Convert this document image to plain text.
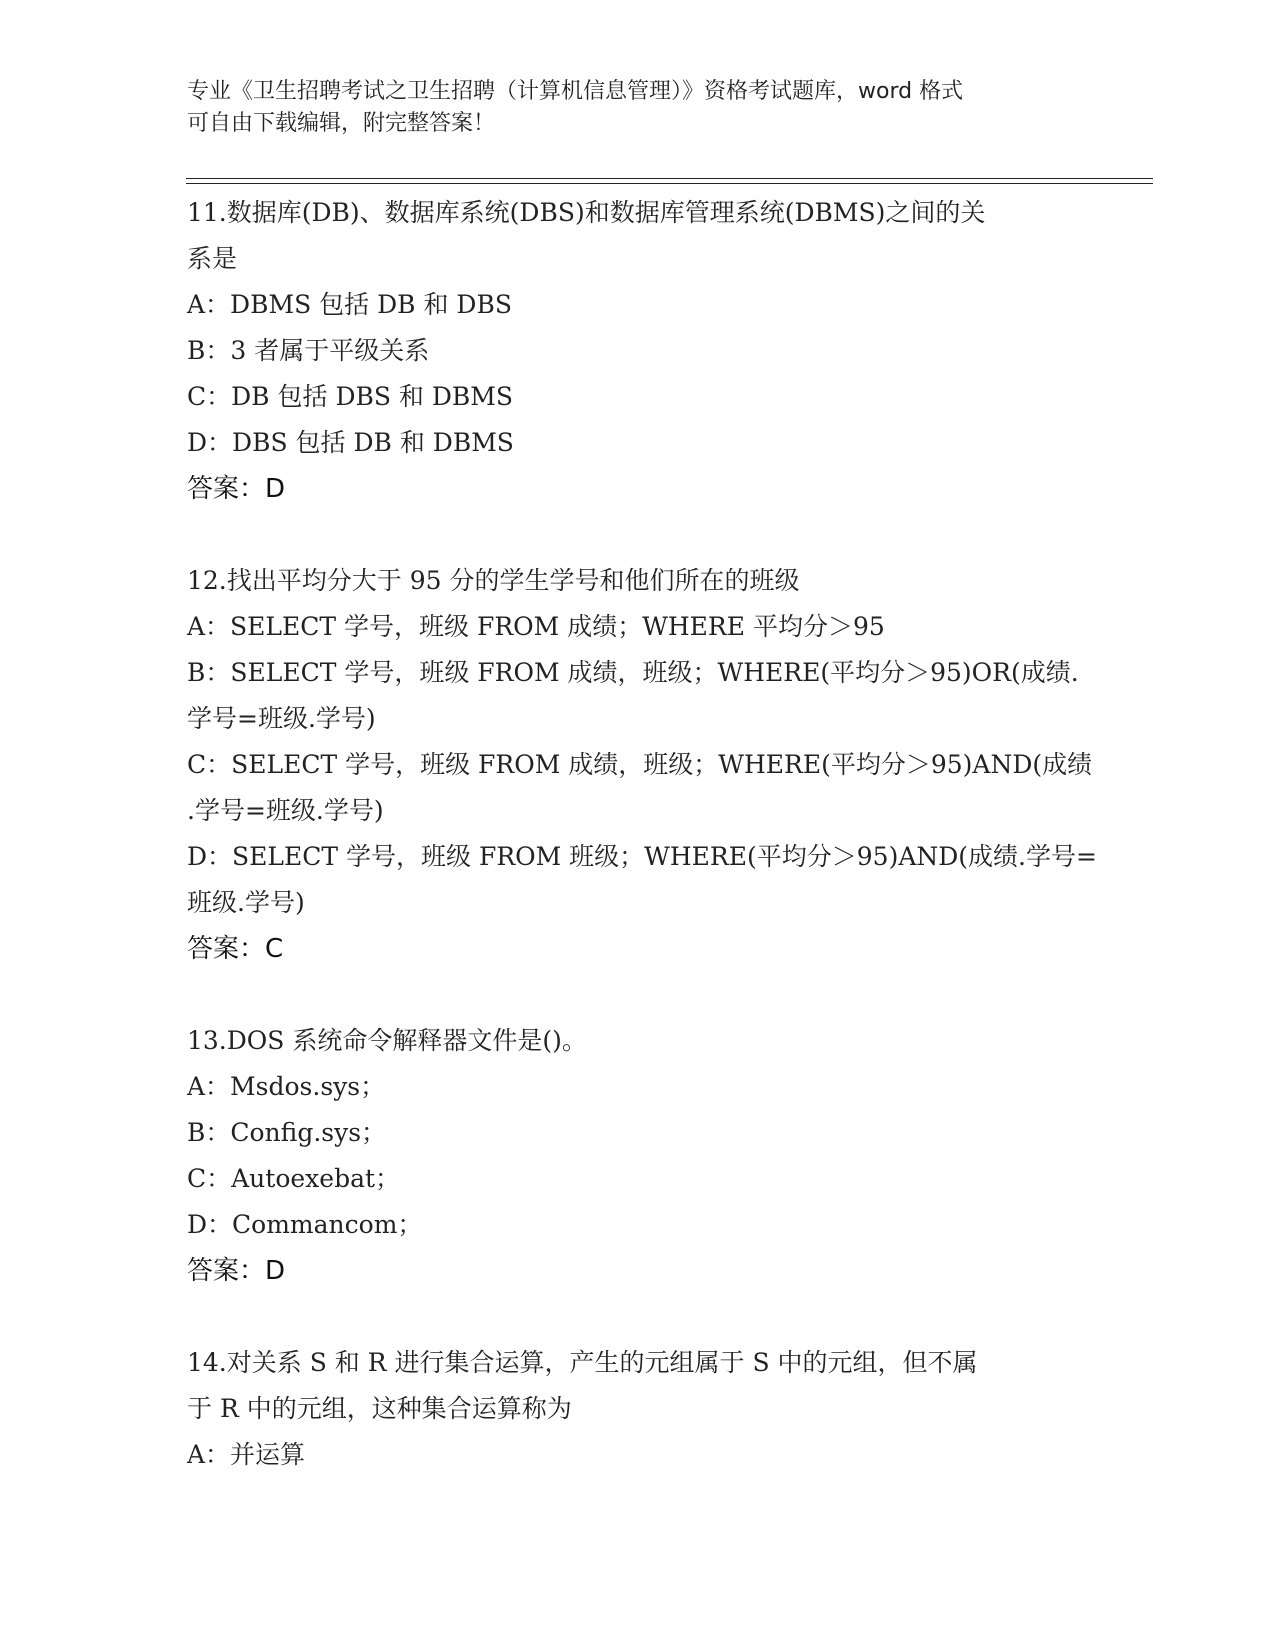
专业《卫生招聘考试之卫生招聘（计算机信息管理）》资格考试题库，word 格式
可自由下载编辑，附完整答案！
11.数据库(DB)、数据库系统(DBS)和数据库管理系统(DBMS)之间的关
系是
A：DBMS 包括 DB 和 DBS
B：3 者属于平级关系
C：DB 包括 DBS 和 DBMS
D：DBS 包括 DB 和 DBMS
答案：D
12.找出平均分大于 95 分的学生学号和他们所在的班级
A：SELECT 学号，班级 FROM 成绩；WHERE 平均分＞95
B：SELECT 学号，班级 FROM 成绩，班级；WHERE(平均分＞95)OR(成绩.
学号=班级.学号)
C：SELECT 学号，班级 FROM 成绩，班级；WHERE(平均分＞95)AND(成绩
.学号=班级.学号)
D：SELECT 学号，班级 FROM 班级；WHERE(平均分＞95)AND(成绩.学号=
班级.学号)
答案：C
13.DOS 系统命令解释器文件是()。
A：Msdos.sys；
B：Config.sys；
C：Autoexebat；
D：Commancom；
答案：D
14.对关系 S 和 R 进行集合运算，产生的元组属于 S 中的元组，但不属
于 R 中的元组，这种集合运算称为
A：并运算
